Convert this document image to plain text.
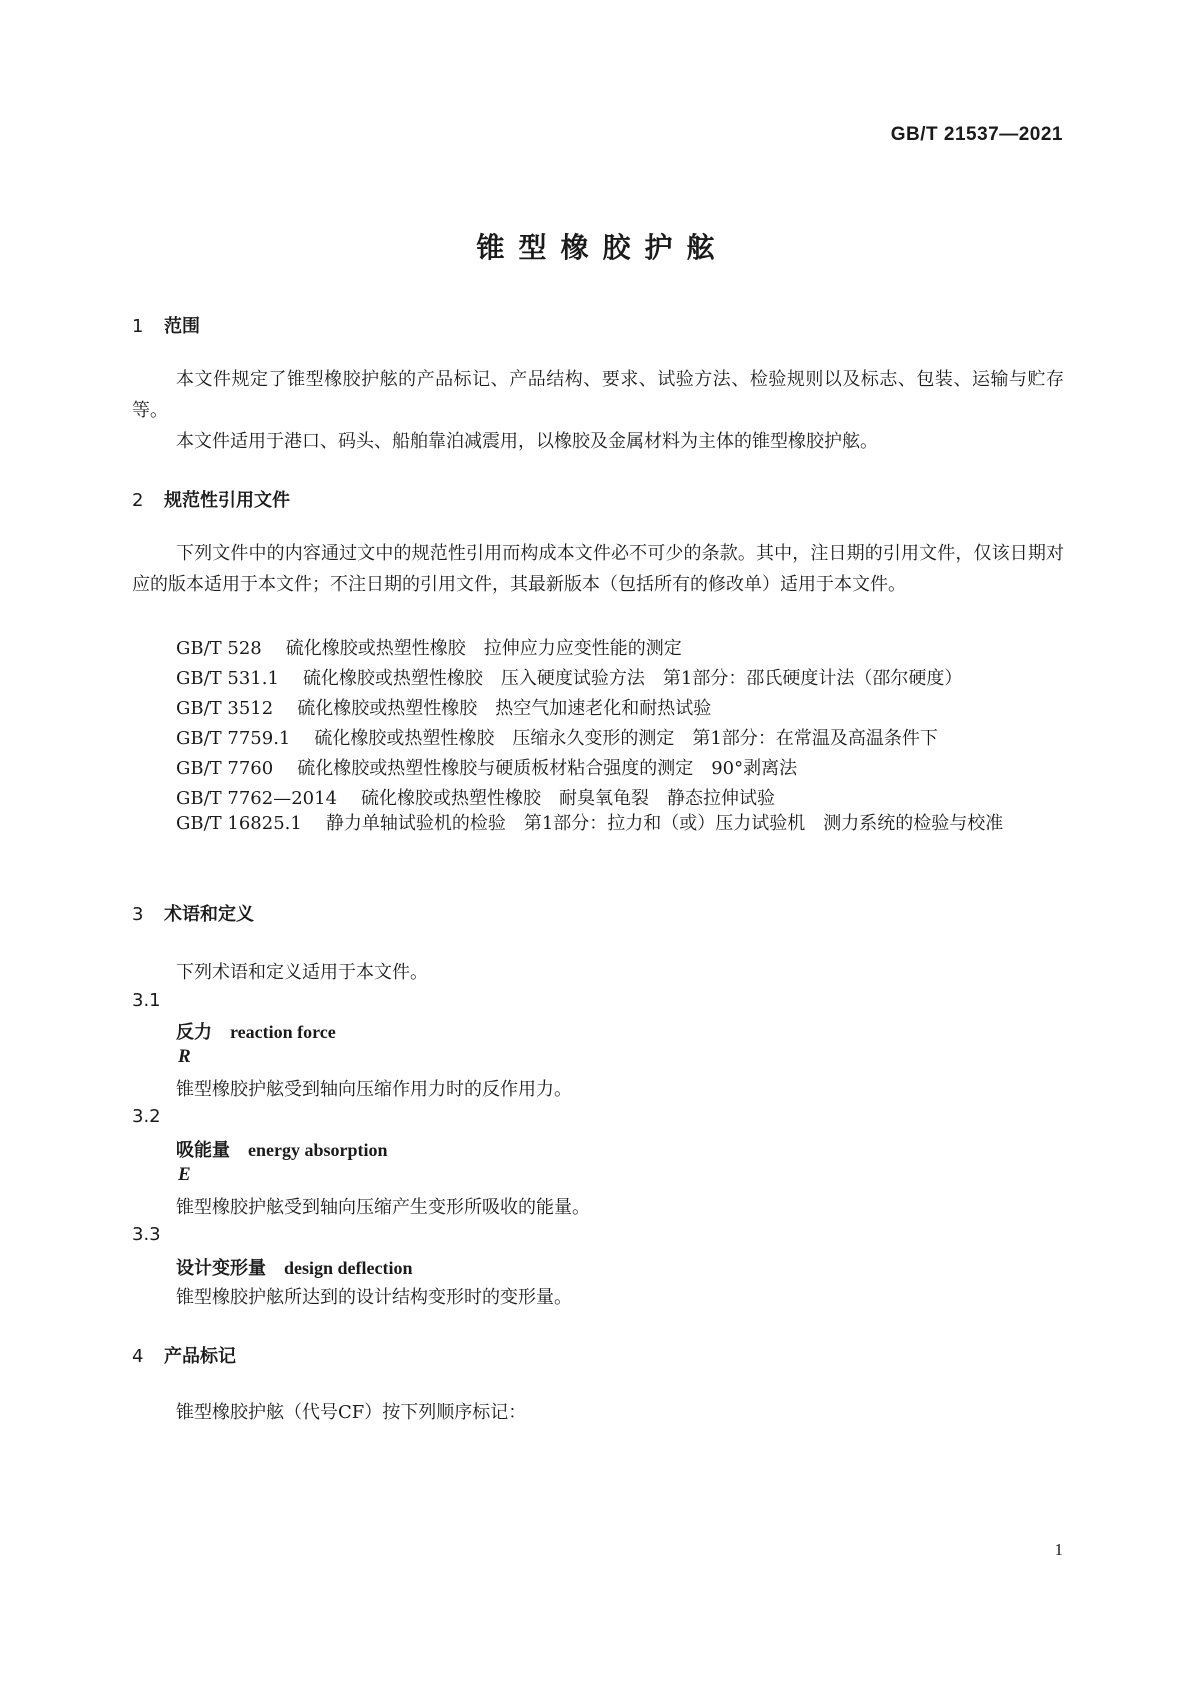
GB/T 21537—2021
锥型橡胶护舷
1 范围
本文件规定了锥型橡胶护舷的产品标记、产品结构、要求、试验方法、检验规则以及标志、包装、运输与贮存等。
本文件适用于港口、码头、船舶靠泊减震用，以橡胶及金属材料为主体的锥型橡胶护舷。
2 规范性引用文件
下列文件中的内容通过文中的规范性引用而构成本文件必不可少的条款。其中，注日期的引用文件，仅该日期对应的版本适用于本文件；不注日期的引用文件，其最新版本（包括所有的修改单）适用于本文件。
GB/T 528 硫化橡胶或热塑性橡胶　拉伸应力应变性能的测定
GB/T 531.1 硫化橡胶或热塑性橡胶　压入硬度试验方法　第1部分：邵氏硬度计法（邵尔硬度）
GB/T 3512 硫化橡胶或热塑性橡胶　热空气加速老化和耐热试验
GB/T 7759.1 硫化橡胶或热塑性橡胶　压缩永久变形的测定　第1部分：在常温及高温条件下
GB/T 7760 硫化橡胶或热塑性橡胶与硬质板材粘合强度的测定　90°剥离法
GB/T 7762—2014 硫化橡胶或热塑性橡胶　耐臭氧龟裂　静态拉伸试验
GB/T 16825.1 静力单轴试验机的检验　第1部分：拉力和（或）压力试验机　测力系统的检验与校准
3 术语和定义
下列术语和定义适用于本文件。
3.1
反力 reaction force
R
锥型橡胶护舷受到轴向压缩作用力时的反作用力。
3.2
吸能量 energy absorption
E
锥型橡胶护舷受到轴向压缩产生变形所吸收的能量。
3.3
设计变形量 design deflection
锥型橡胶护舷所达到的设计结构变形时的变形量。
4 产品标记
锥型橡胶护舷（代号CF）按下列顺序标记：
1
